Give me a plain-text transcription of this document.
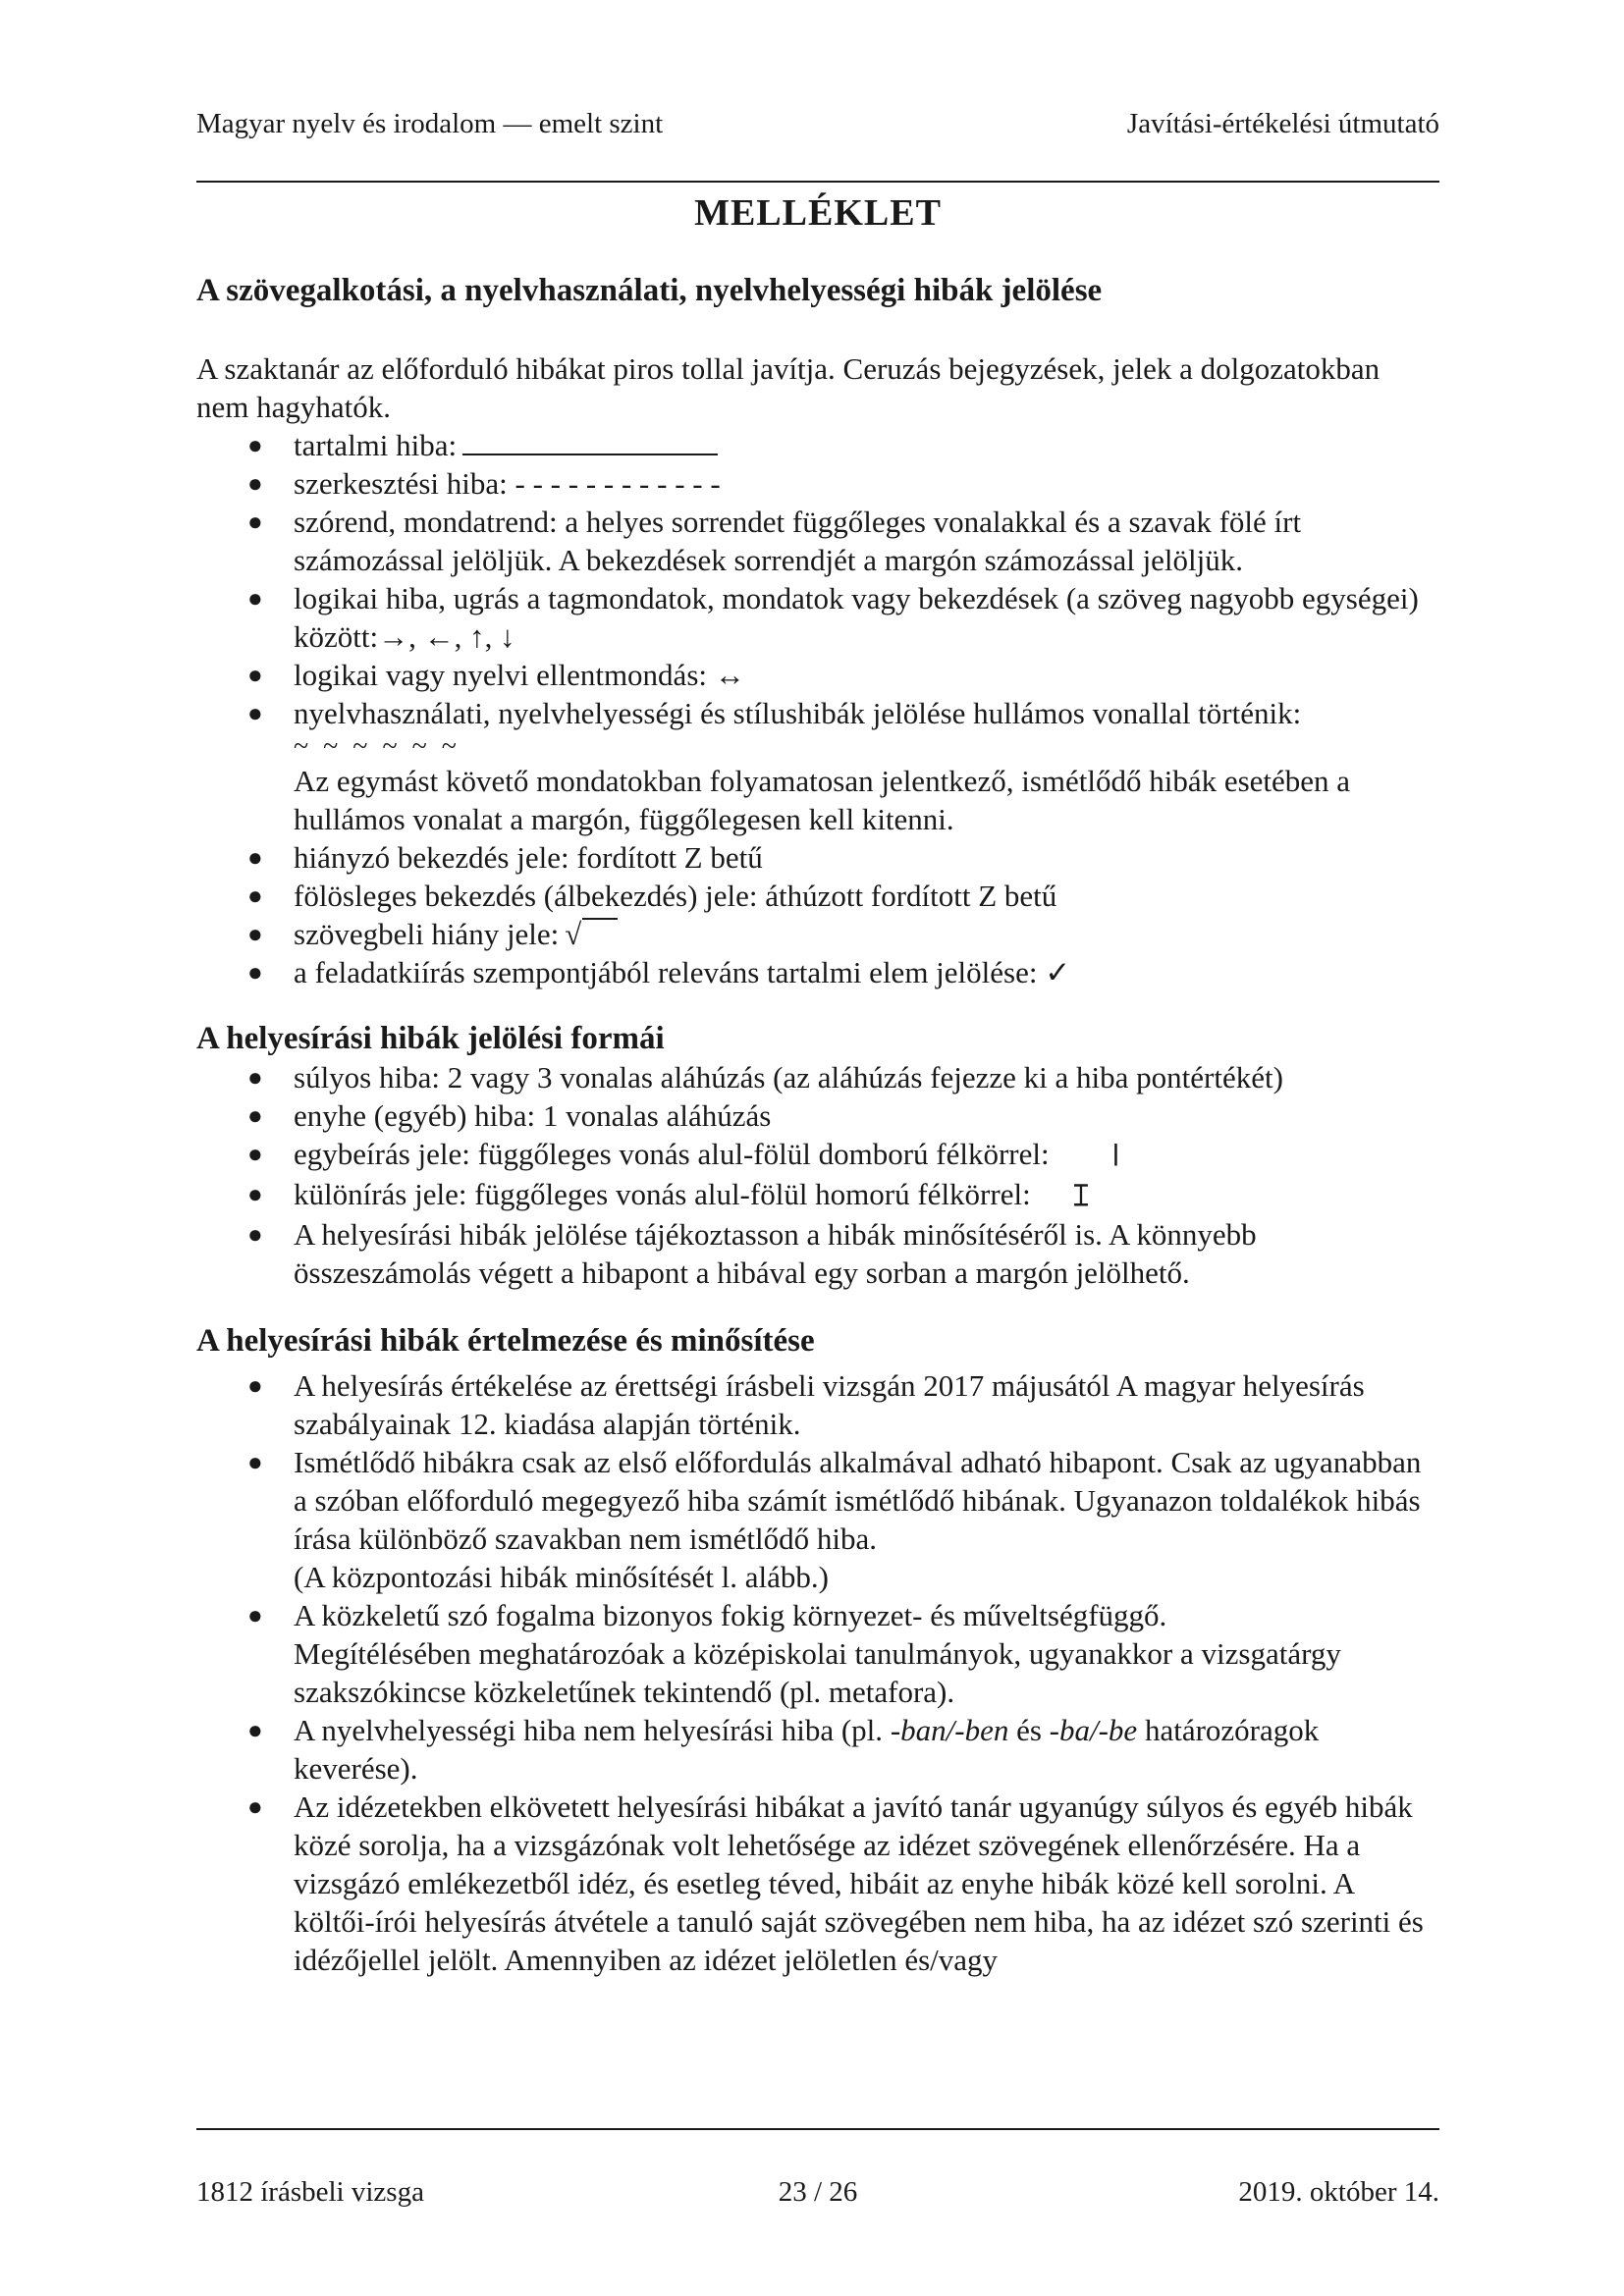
Magyar nyelv és irodalom — emelt szint	Javítási-értékelési útmutató
MELLÉKLET
A szövegalkotási, a nyelvhasználati, nyelvhelyességi hibák jelölése

A szaktanár az előforduló hibákat piros tollal javítja. Ceruzás bejegyzések, jelek a dolgozatokban nem hagyhatók.

● tartalmi hiba:
● szerkesztési hiba: - - - - - - - - - - - -
● szórend, mondatrend: a helyes sorrendet függőleges vonalakkal és a szavak fölé írt számozással jelöljük. A bekezdések sorrendjét a margón számozással jelöljük.
● logikai hiba, ugrás a tagmondatok, mondatok vagy bekezdések (a szöveg nagyobb egységei) között:→, ←, ↑, ↓
● logikai vagy nyelvi ellentmondás: ↔
● nyelvhasználati, nyelvhelyességi és stílushibák jelölése hullámos vonallal történik:
~ ~ ~ ~ ~ ~
Az egymást követő mondatokban folyamatosan jelentkező, ismétlődő hibák esetében a hullámos vonalat a margón, függőlegesen kell kitenni.
● hiányzó bekezdés jele: fordított Z betű
● fölösleges bekezdés (álbekezdés) jele: áthúzott fordított Z betű
● szövegbeli hiány jele: √
● a feladatkiírás szempontjából releváns tartalmi elem jelölése: ✓
A helyesírási hibák jelölési formái
● súlyos hiba: 2 vagy 3 vonalas aláhúzás (az aláhúzás fejezze ki a hiba pontértékét)
● enyhe (egyéb) hiba: 1 vonalas aláhúzás
● egybeírás jele: függőleges vonás alul-fölül domború félkörrel: Ⅰ
● különírás jele: függőleges vonás alul-fölül homorú félkörrel: Ɪ
● A helyesírási hibák jelölése tájékoztasson a hibák minősítéséről is. A könnyebb összeszámolás végett a hibapont a hibával egy sorban a margón jelölhető.
A helyesírási hibák értelmezése és minősítése
● A helyesírás értékelése az érettségi írásbeli vizsgán 2017 májusától A magyar helyesírás szabályainak 12. kiadása alapján történik.
● Ismétlődő hibákra csak az első előfordulás alkalmával adható hibapont. Csak az ugyanabban a szóban előforduló megegyező hiba számít ismétlődő hibának. Ugyanazon toldalékok hibás írása különböző szavakban nem ismétlődő hiba.
(A központozási hibák minősítését l. alább.)
● A közkeletű szó fogalma bizonyos fokig környezet- és műveltségfüggő.
Megítélésében meghatározóak a középiskolai tanulmányok, ugyanakkor a vizsgatárgy szakszókincse közkeletűnek tekintendő (pl. metafora).
● A nyelvhelyességi hiba nem helyesírási hiba (pl. -ban/-ben és -ba/-be határozóragok keverése).
● Az idézetekben elkövetett helyesírási hibákat a javító tanár ugyanúgy súlyos és egyéb hibák közé sorolja, ha a vizsgázónak volt lehetősége az idézet szövegének ellenőrzésére. Ha a vizsgázó emlékezetből idéz, és esetleg téved, hibáit az enyhe hibák közé kell sorolni. A költői-írói helyesírás átvétele a tanuló saját szövegében nem hiba, ha az idézet szó szerinti és idézőjellel jelölt. Amennyiben az idézet jelöletlen és/vagy
1812 írásbeli vizsga	23 / 26	2019. október 14.
